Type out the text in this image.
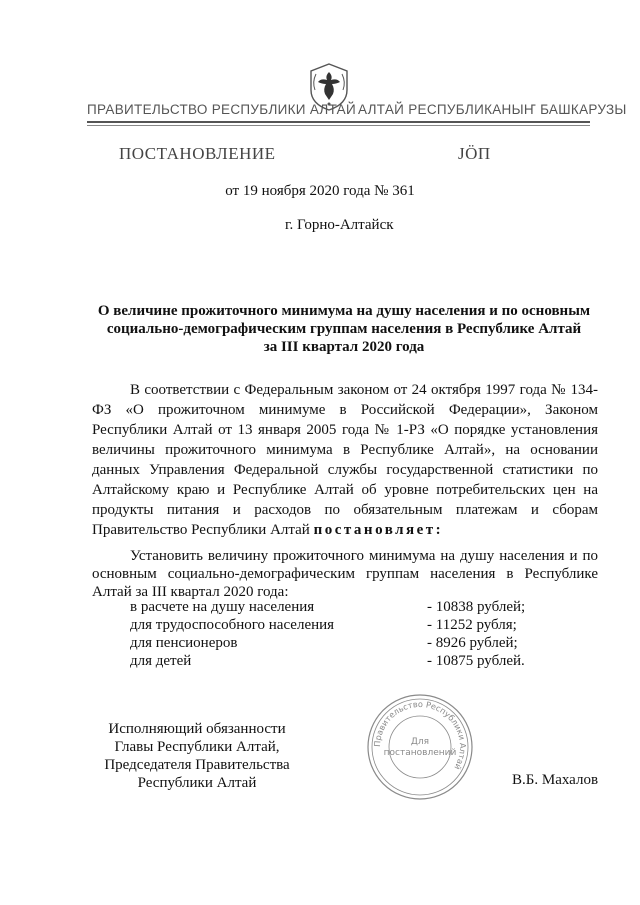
ПРАВИТЕЛЬСТВО РЕСПУБЛИКИ АЛТАЙ АЛТАЙ РЕСПУБЛИКАНЫҤ БАШКАРУЗЫ
ПОСТАНОВЛЕНИЕ	ЈӦП
от 19 ноября 2020 года № 361
г. Горно-Алтайск
О величине прожиточного минимума на душу населения и по основным
социально-демографическим группам населения в Республике Алтай
за III квартал 2020 года
В соответствии с Федеральным законом от 24 октября 1997 года № 134-ФЗ «О прожиточном минимуме в Российской Федерации», Законом Республики Алтай от 13 января 2005 года № 1-РЗ «О порядке установления величины прожиточного минимума в Республике Алтай», на основании данных Управления Федеральной службы государственной статистики по Алтайскому краю и Республике Алтай об уровне потребительских цен на продукты питания и расходов по обязательным платежам и сборам Правительство Республики Алтай постановляет:
Установить величину прожиточного минимума на душу населения и по основным социально-демографическим группам населения в Республике Алтай за III квартал 2020 года:
в расчете на душу населения	- 10838 рублей;
для трудоспособного населения	- 11252 рубля;
для пенсионеров	- 8926 рублей;
для детей	- 10875 рублей.
Исполняющий обязанности
Главы Республики Алтай,
Председателя Правительства
Республики Алтай
Правительство Республики Алтай
Для
постановлений
В.Б. Махалов
